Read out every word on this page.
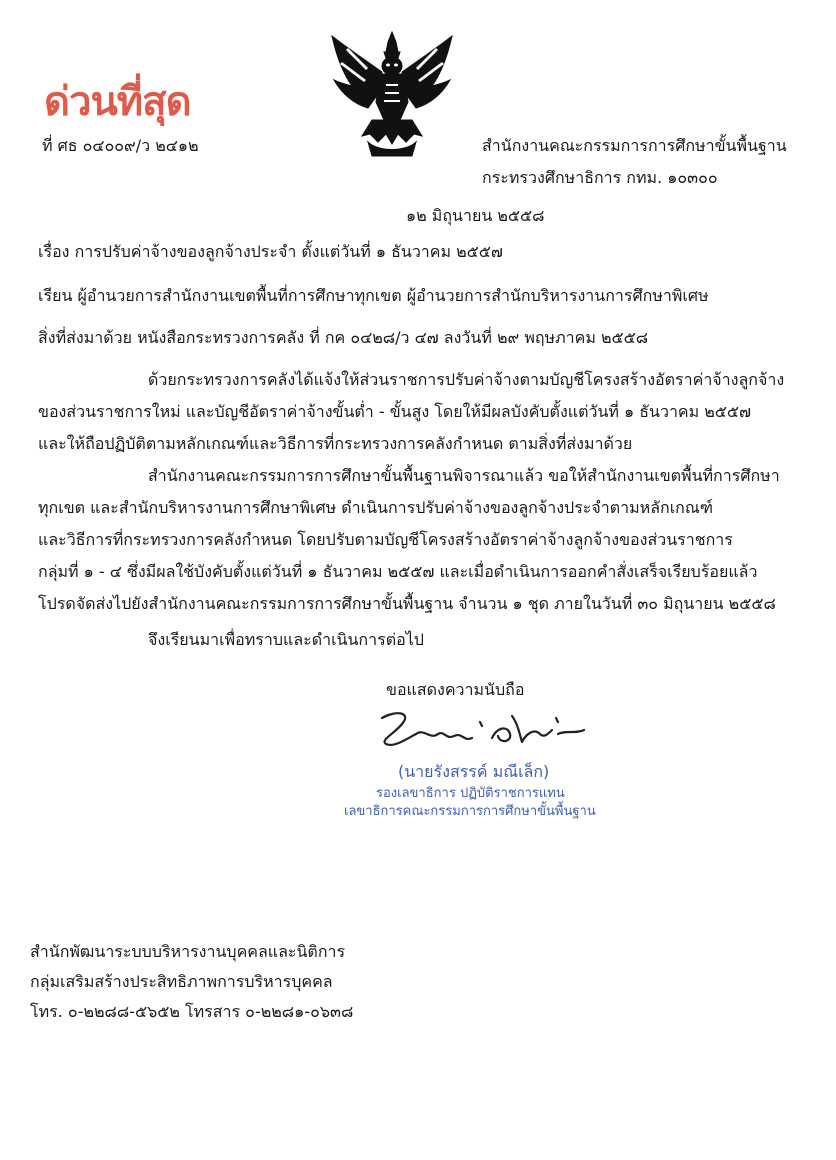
ด่วนที่สุด
ที่ ศธ ๐๔๐๐๙/ว ๒๔๑๒	สำนักงานคณะกรรมการการศึกษาขั้นพื้นฐาน
กระทรวงศึกษาธิการ กทม. ๑๐๓๐๐
๑๒ มิถุนายน ๒๕๕๘
เรื่อง การปรับค่าจ้างของลูกจ้างประจำ ตั้งแต่วันที่ ๑ ธันวาคม ๒๕๕๗
เรียน ผู้อำนวยการสำนักงานเขตพื้นที่การศึกษาทุกเขต ผู้อำนวยการสำนักบริหารงานการศึกษาพิเศษ
สิ่งที่ส่งมาด้วย หนังสือกระทรวงการคลัง ที่ กค ๐๔๒๘/ว ๔๗ ลงวันที่ ๒๙ พฤษภาคม ๒๕๕๘
ด้วยกระทรวงการคลังได้แจ้งให้ส่วนราชการปรับค่าจ้างตามบัญชีโครงสร้างอัตราค่าจ้างลูกจ้าง
ของส่วนราชการใหม่ และบัญชีอัตราค่าจ้างขั้นต่ำ - ขั้นสูง โดยให้มีผลบังคับตั้งแต่วันที่ ๑ ธันวาคม ๒๕๕๗
และให้ถือปฏิบัติตามหลักเกณฑ์และวิธีการที่กระทรวงการคลังกำหนด ตามสิ่งที่ส่งมาด้วย
สำนักงานคณะกรรมการการศึกษาขั้นพื้นฐานพิจารณาแล้ว ขอให้สำนักงานเขตพื้นที่การศึกษา
ทุกเขต และสำนักบริหารงานการศึกษาพิเศษ ดำเนินการปรับค่าจ้างของลูกจ้างประจำตามหลักเกณฑ์
และวิธีการที่กระทรวงการคลังกำหนด โดยปรับตามบัญชีโครงสร้างอัตราค่าจ้างลูกจ้างของส่วนราชการ
กลุ่มที่ ๑ - ๔ ซึ่งมีผลใช้บังคับตั้งแต่วันที่ ๑ ธันวาคม ๒๕๕๗ และเมื่อดำเนินการออกคำสั่งเสร็จเรียบร้อยแล้ว
โปรดจัดส่งไปยังสำนักงานคณะกรรมการการศึกษาขั้นพื้นฐาน จำนวน ๑ ชุด ภายในวันที่ ๓๐ มิถุนายน ๒๕๕๘
จึงเรียนมาเพื่อทราบและดำเนินการต่อไป
ขอแสดงความนับถือ
(นายรังสรรค์ มณีเล็ก)
รองเลขาธิการ ปฏิบัติราชการแทน
เลขาธิการคณะกรรมการการศึกษาขั้นพื้นฐาน
สำนักพัฒนาระบบบริหารงานบุคคลและนิติการ
กลุ่มเสริมสร้างประสิทธิภาพการบริหารบุคคล
โทร. ๐-๒๒๘๘-๕๖๕๒ โทรสาร ๐-๒๒๘๑-๐๖๓๘
